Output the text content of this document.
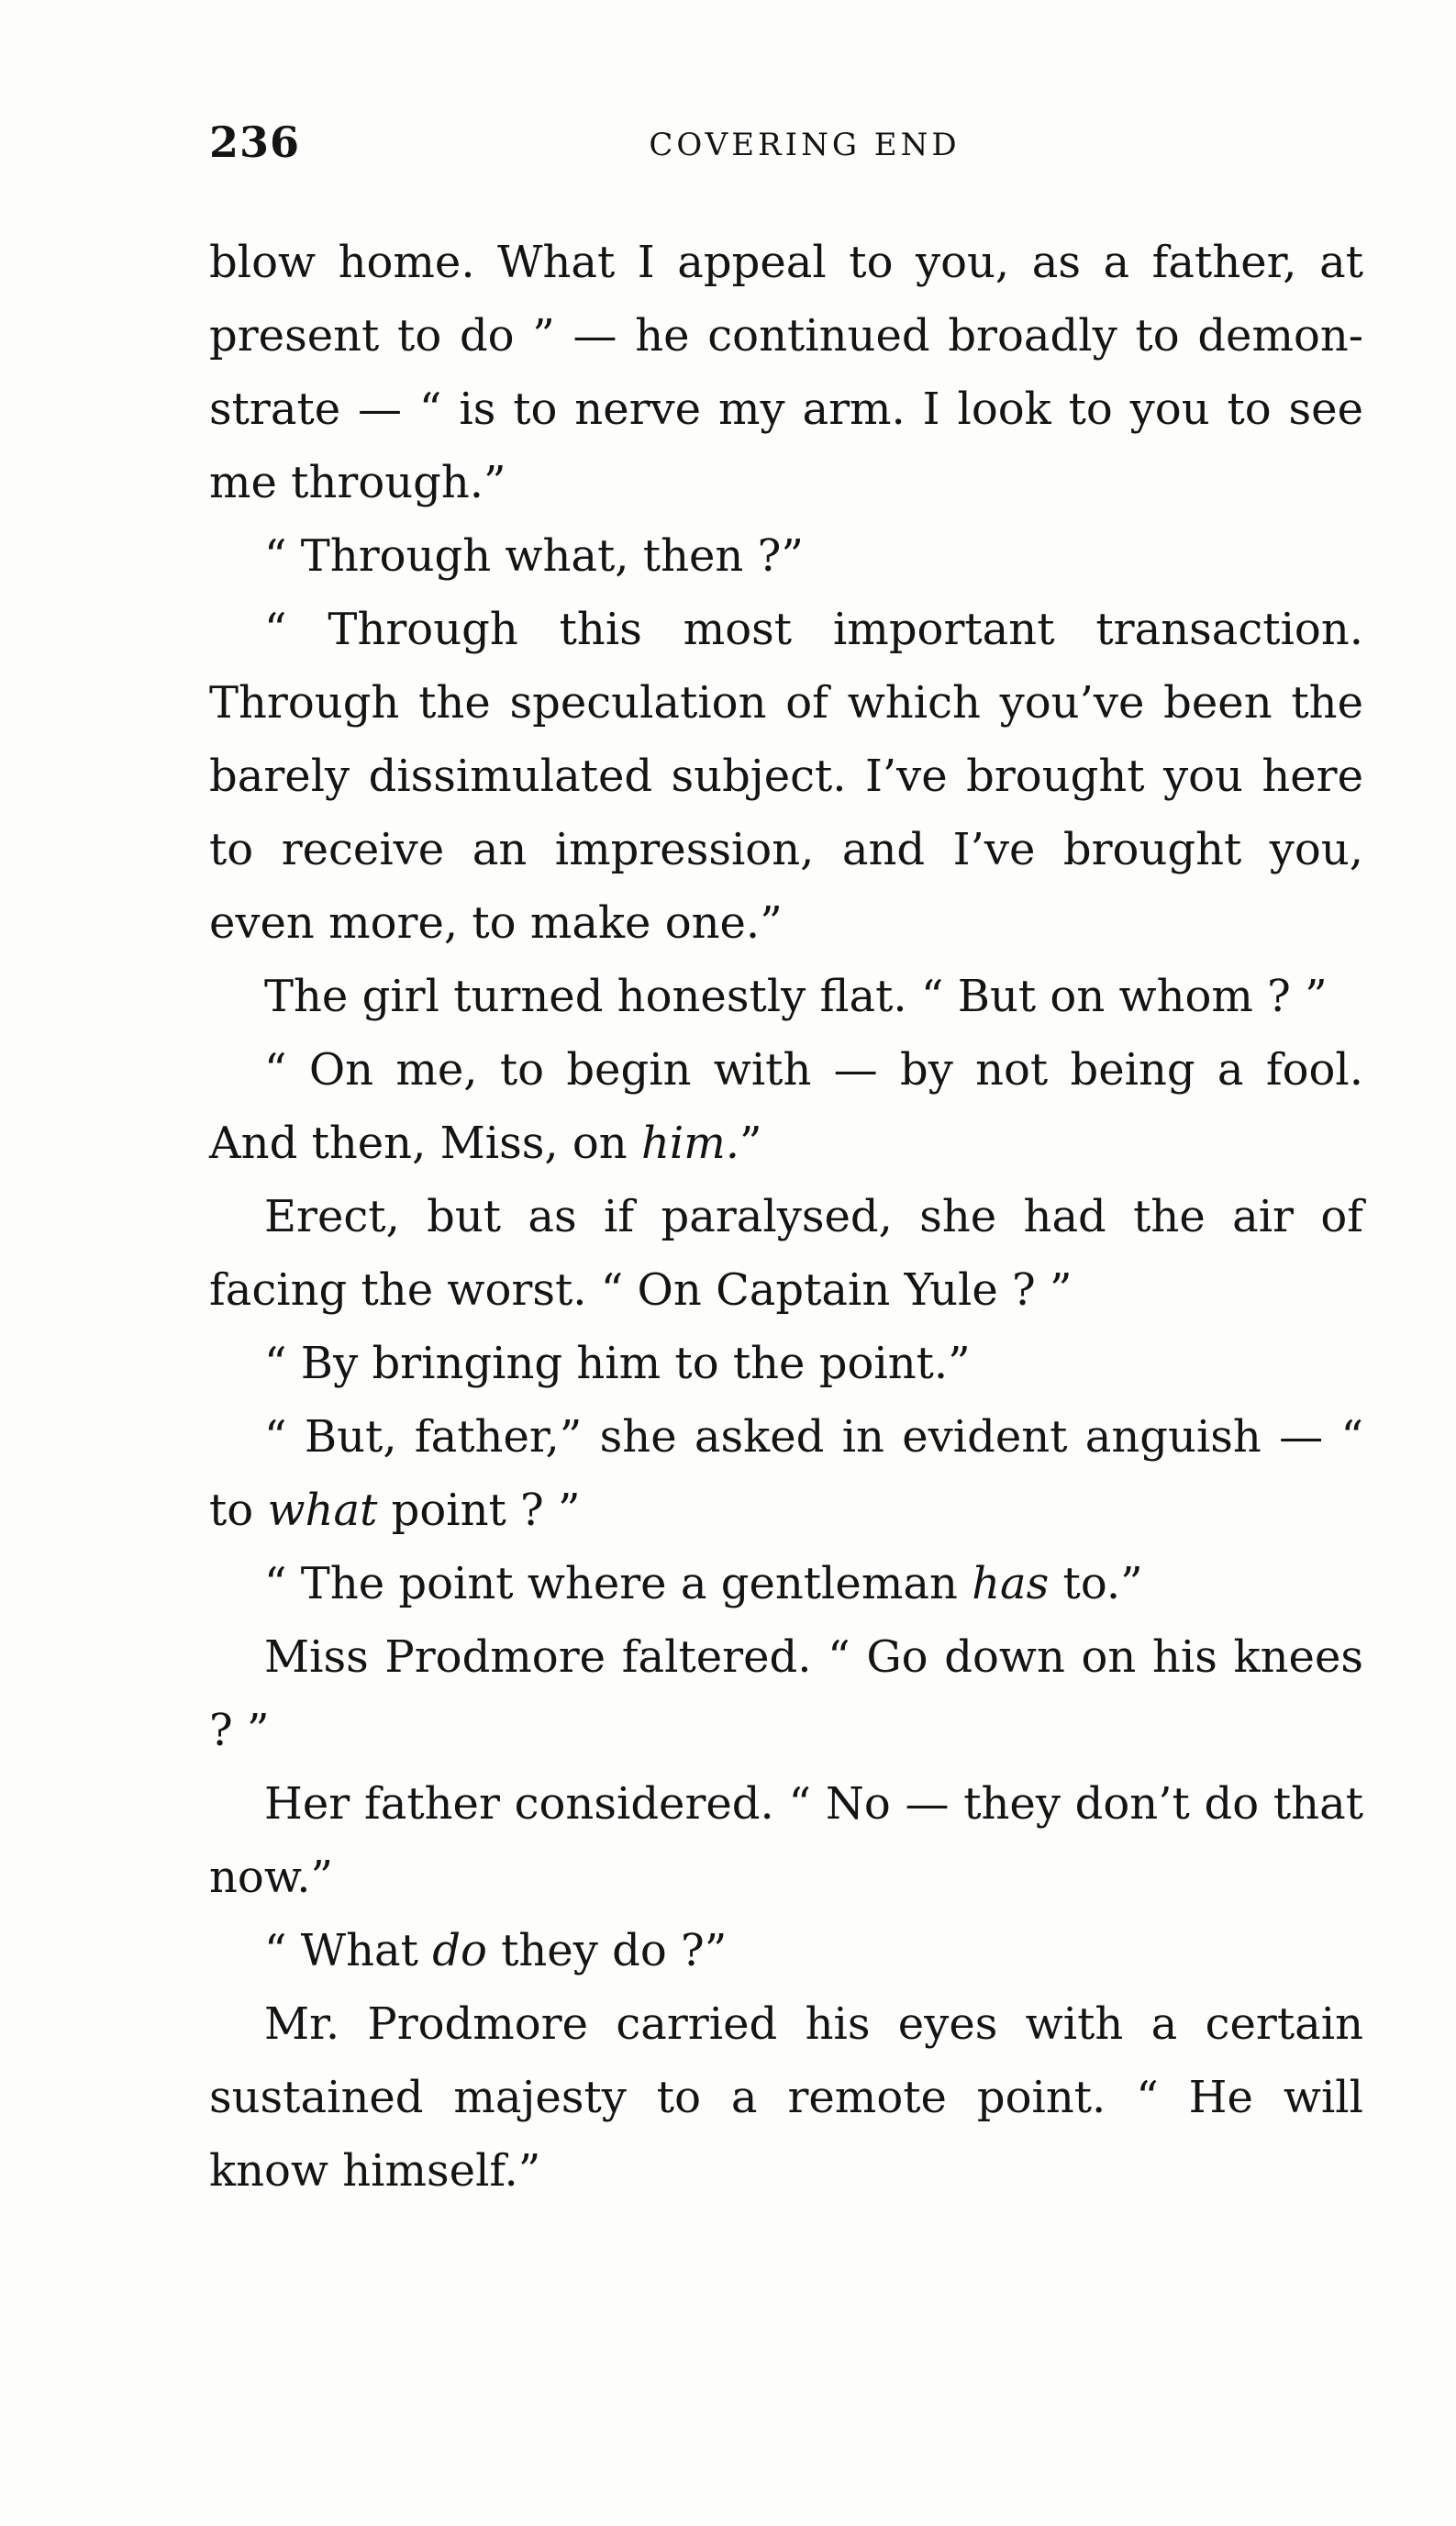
236	COVERING END

blow home. What I appeal to you, as a father, at present to do ” — he continued broadly to demon-strate — “ is to nerve my arm. I look to you to see me through.”

“ Through what, then ?”

“ Through this most important transaction. Through the speculation of which you’ve been the barely dissimulated subject. I’ve brought you here to receive an impression, and I’ve brought you, even more, to make one.”

The girl turned honestly flat. “ But on whom ? ”

“ On me, to begin with — by not being a fool. And then, Miss, on him.”

Erect, but as if paralysed, she had the air of facing the worst. “ On Captain Yule ? ”

“ By bringing him to the point.”

“ But, father,” she asked in evident anguish — “ to what point ? ”

“ The point where a gentleman has to.”

Miss Prodmore faltered. “ Go down on his knees ? ”

Her father considered. “ No — they don’t do that now.”

“ What do they do ?”

Mr. Prodmore carried his eyes with a certain sustained majesty to a remote point. “ He will know himself.”
